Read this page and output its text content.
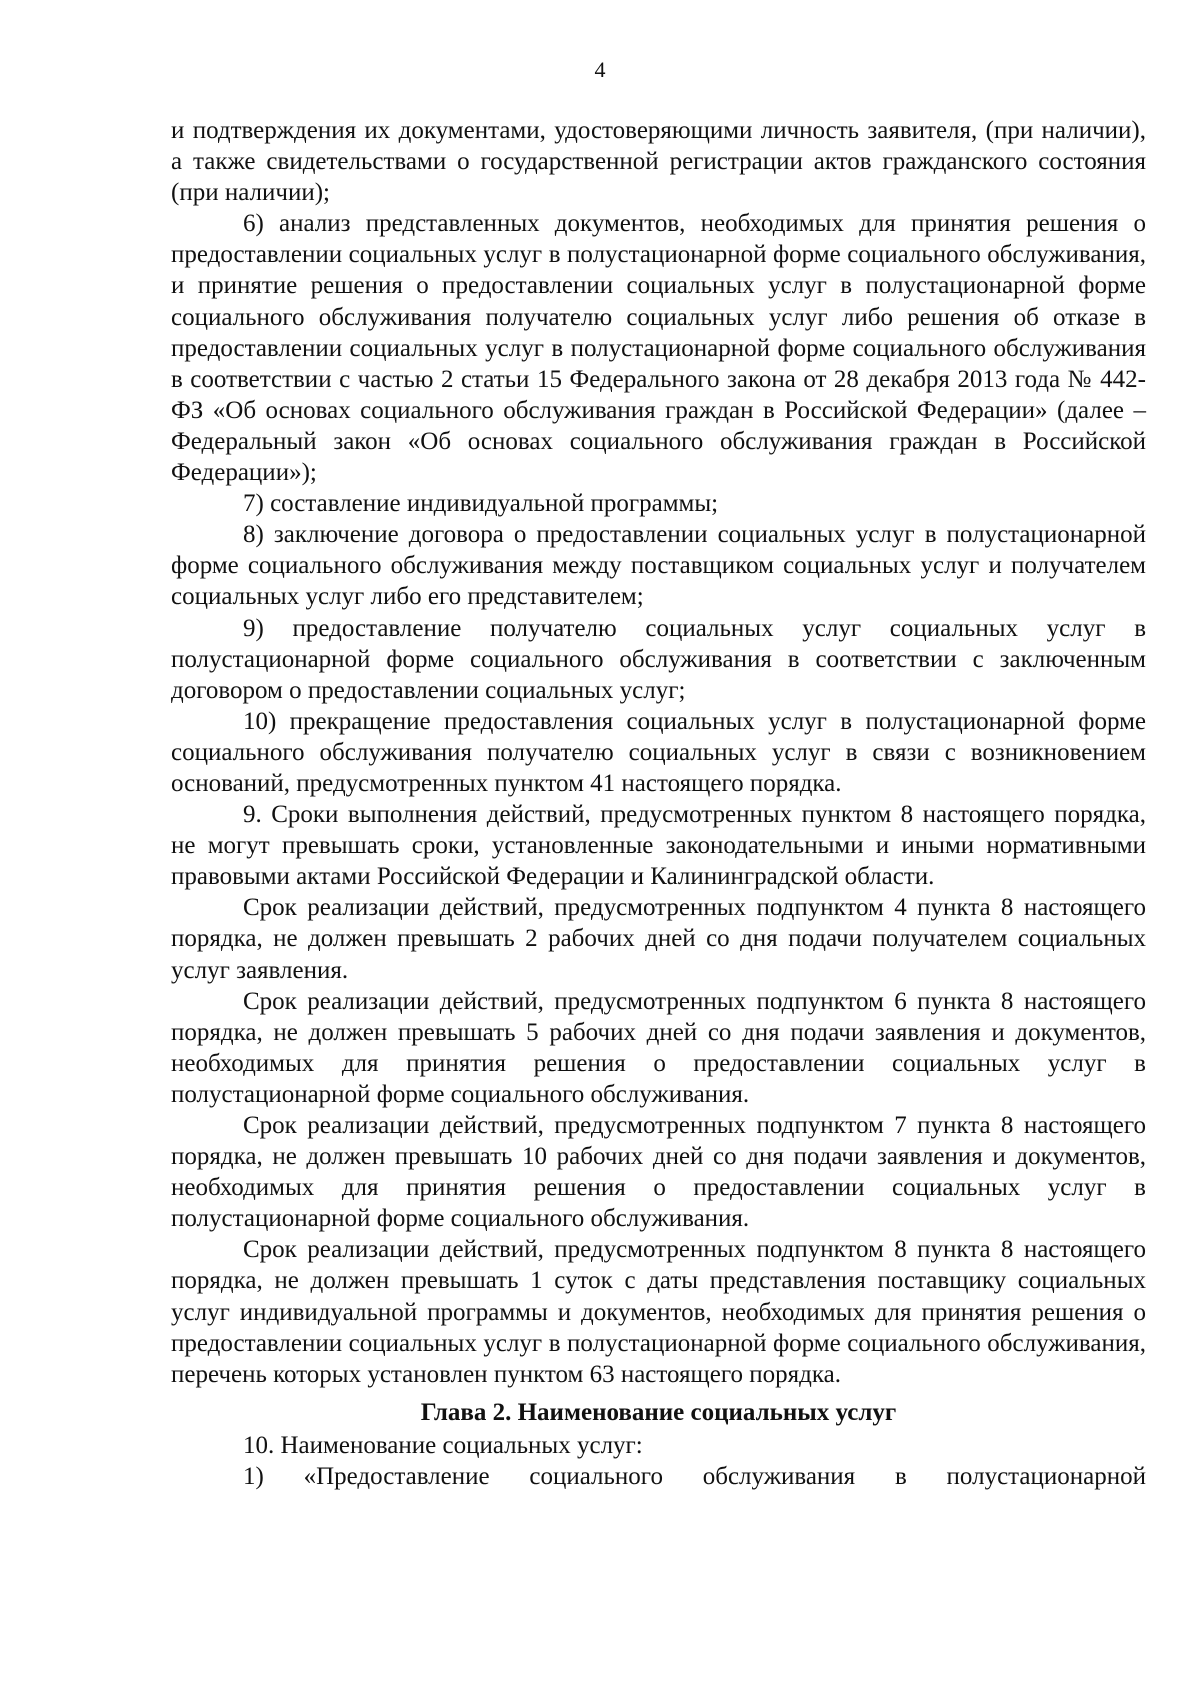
4

и подтверждения их документами, удостоверяющими личность заявителя, (при наличии), а также свидетельствами о государственной регистрации актов гражданского состояния (при наличии);

6) анализ представленных документов, необходимых для принятия решения о предоставлении социальных услуг в полустационарной форме социального обслуживания, и принятие решения о предоставлении социальных услуг в полустационарной форме социального обслуживания получателю социальных услуг либо решения об отказе в предоставлении социальных услуг в полустационарной форме социального обслуживания в соответствии с частью 2 статьи 15 Федерального закона от 28 декабря 2013 года № 442-ФЗ «Об основах социального обслуживания граждан в Российской Федерации» (далее – Федеральный закон «Об основах социального обслуживания граждан в Российской Федерации»);

7) составление индивидуальной программы;

8) заключение договора о предоставлении социальных услуг в полустационарной форме социального обслуживания между поставщиком социальных услуг и получателем социальных услуг либо его представителем;

9) предоставление получателю социальных услуг социальных услуг в полустационарной форме социального обслуживания в соответствии с заключенным договором о предоставлении социальных услуг;

10) прекращение предоставления социальных услуг в полустационарной форме социального обслуживания получателю социальных услуг в связи с возникновением оснований, предусмотренных пунктом 41 настоящего порядка.

9. Сроки выполнения действий, предусмотренных пунктом 8 настоящего порядка, не могут превышать сроки, установленные законодательными и иными нормативными правовыми актами Российской Федерации и Калининградской области.

Срок реализации действий, предусмотренных подпунктом 4 пункта 8 настоящего порядка, не должен превышать 2 рабочих дней со дня подачи получателем социальных услуг заявления.

Срок реализации действий, предусмотренных подпунктом 6 пункта 8 настоящего порядка, не должен превышать 5 рабочих дней со дня подачи заявления и документов, необходимых для принятия решения о предоставлении социальных услуг в полустационарной форме социального обслуживания.

Срок реализации действий, предусмотренных подпунктом 7 пункта 8 настоящего порядка, не должен превышать 10 рабочих дней со дня подачи заявления и документов, необходимых для принятия решения о предоставлении социальных услуг в полустационарной форме социального обслуживания.

Срок реализации действий, предусмотренных подпунктом 8 пункта 8 настоящего порядка, не должен превышать 1 суток с даты представления поставщику социальных услуг индивидуальной программы и документов, необходимых для принятия решения о предоставлении социальных услуг в полустационарной форме социального обслуживания, перечень которых установлен пунктом 63 настоящего порядка.

Глава 2. Наименование социальных услуг

10. Наименование социальных услуг:

1) «Предоставление социального обслуживания в полустационарной
